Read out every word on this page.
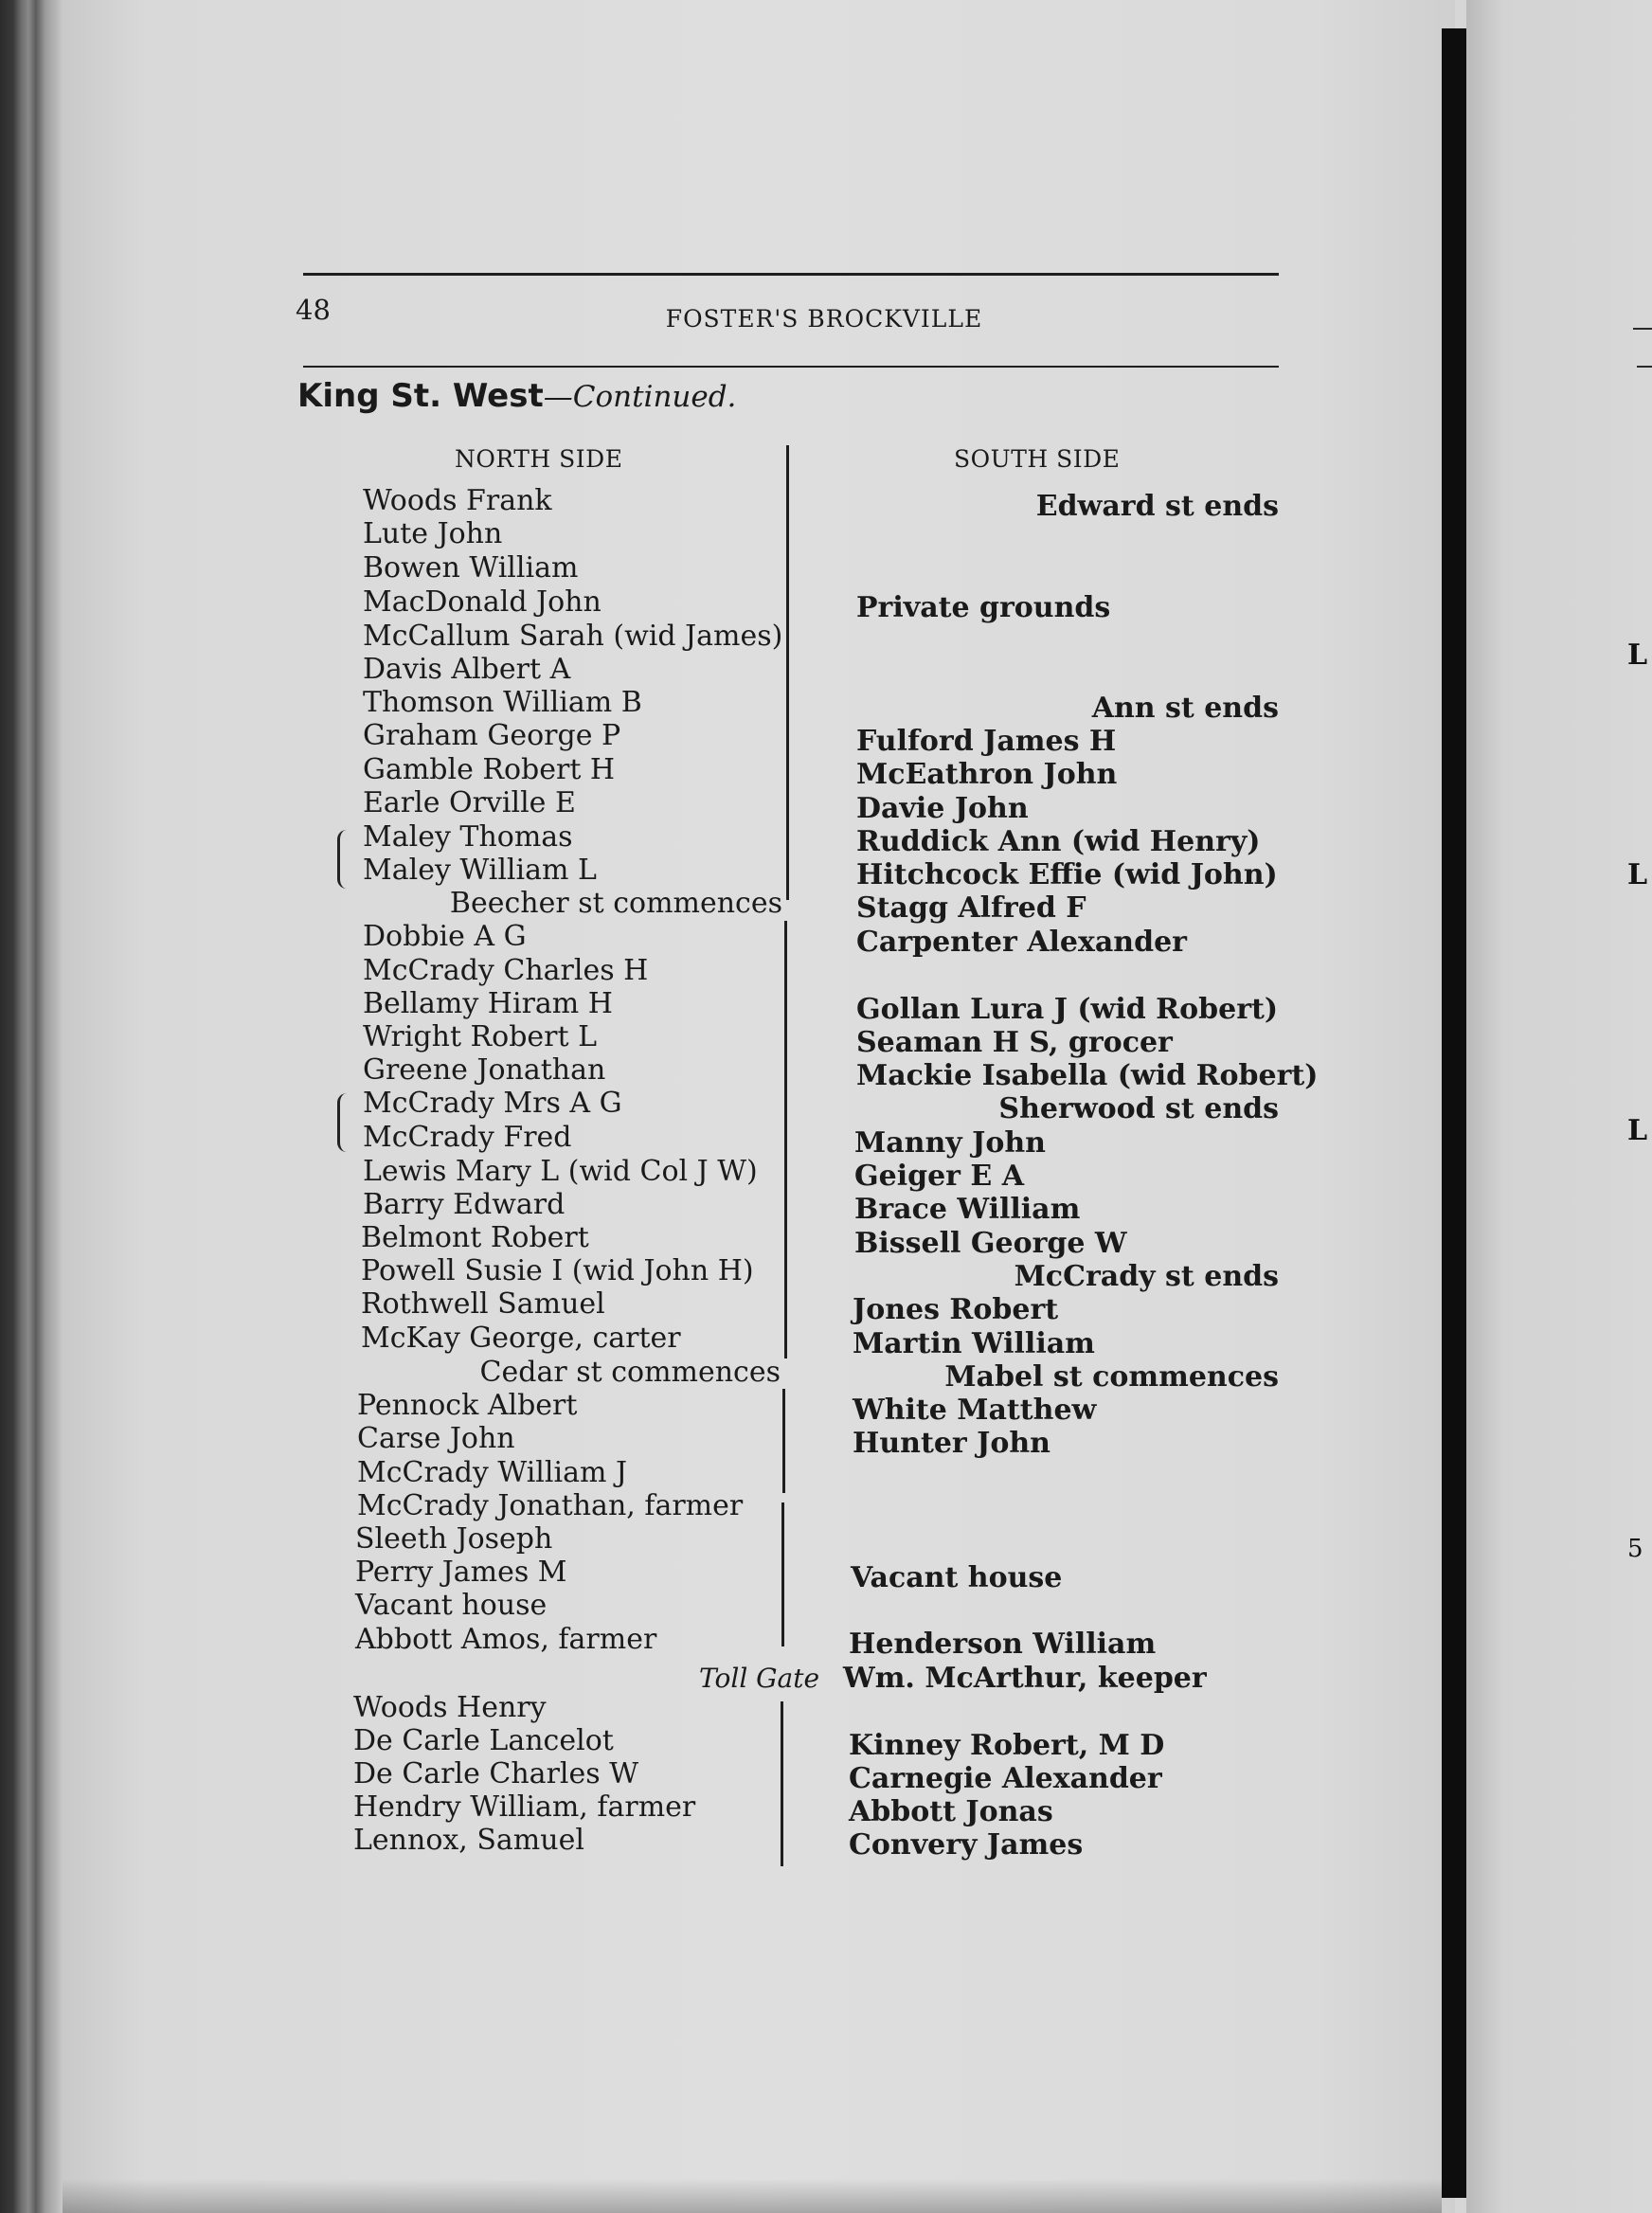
L
L
L
5
48	FOSTER'S BROCKVILLE
King St. West—Continued.
NORTH SIDE	SOUTH SIDE
Woods Frank
Lute John
Bowen William
MacDonald John
McCallum Sarah (wid James)
Davis Albert A
Thomson William B
Graham George P
Gamble Robert H
Earle Orville E
Maley Thomas
Maley William L
Beecher st commences
Dobbie A G
McCrady Charles H
Bellamy Hiram H
Wright Robert L
Greene Jonathan
McCrady Mrs A G
McCrady Fred
Lewis Mary L (wid Col J W)
Barry Edward
Belmont Robert
Powell Susie I (wid John H)
Rothwell Samuel
McKay George, carter
Cedar st commences
Pennock Albert
Carse John
McCrady William J
McCrady Jonathan, farmer
Sleeth Joseph
Perry James M
Vacant house
Abbott Amos, farmer
Toll Gate
Woods Henry
De Carle Lancelot
De Carle Charles W
Hendry William, farmer
Lennox, Samuel
Edward st ends
Private grounds
Ann st ends
Fulford James H
McEathron John
Davie John
Ruddick Ann (wid Henry)
Hitchcock Effie (wid John)
Stagg Alfred F
Carpenter Alexander
Gollan Lura J (wid Robert)
Seaman H S, grocer
Mackie Isabella (wid Robert)
Sherwood st ends
Manny John
Geiger E A
Brace William
Bissell George W
McCrady st ends
Jones Robert
Martin William
Mabel st commences
White Matthew
Hunter John
Vacant house
Henderson William
Wm. McArthur, keeper
Kinney Robert, M D
Carnegie Alexander
Abbott Jonas
Convery James
